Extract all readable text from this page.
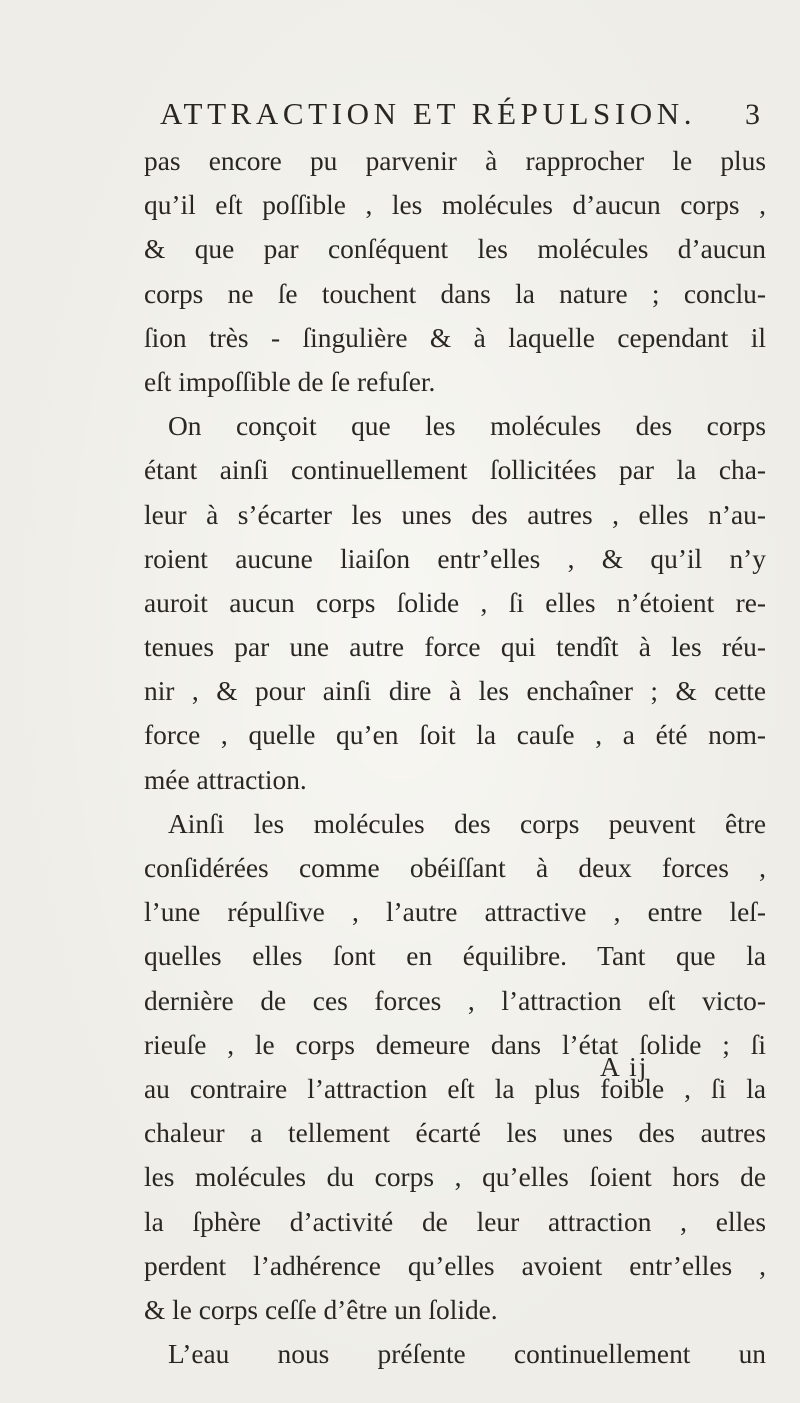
ATTRACTION ET RÉPULSION. 3
pas encore pu parvenir à rapprocher le plus
qu’il eſt poſſible , les molécules d’aucun corps ,
& que par conſéquent les molécules d’aucun
corps ne ſe touchent dans la nature ; conclu-
ſion très - ſingulière & à laquelle cependant il
eſt impoſſible de ſe refuſer.
On conçoit que les molécules des corps
étant ainſi continuellement ſollicitées par la cha-
leur à s’écarter les unes des autres , elles n’au-
roient aucune liaiſon entr’elles , & qu’il n’y
auroit aucun corps ſolide , ſi elles n’étoient re-
tenues par une autre force qui tendît à les réu-
nir , & pour ainſi dire à les enchaîner ; & cette
force , quelle qu’en ſoit la cauſe , a été nom-
mée attraction.
Ainſi les molécules des corps peuvent être
conſidérées comme obéiſſant à deux forces ,
l’une répulſive , l’autre attractive , entre leſ-
quelles elles ſont en équilibre. Tant que la
dernière de ces forces , l’attraction eſt victo-
rieuſe , le corps demeure dans l’état ſolide ; ſi
au contraire l’attraction eſt la plus foible , ſi la
chaleur a tellement écarté les unes des autres
les molécules du corps , qu’elles ſoient hors de
la ſphère d’activité de leur attraction , elles
perdent l’adhérence qu’elles avoient entr’elles ,
& le corps ceſſe d’être un ſolide.
L’eau nous préſente continuellement un
A ij
